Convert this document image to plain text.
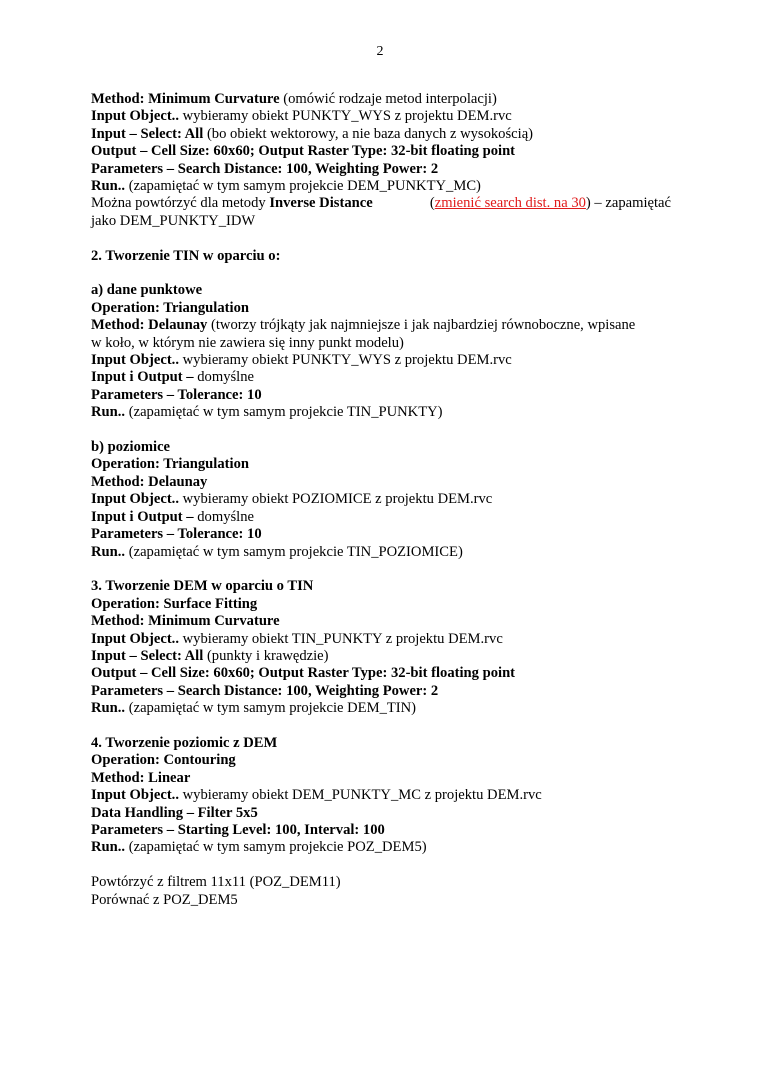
2
Method: Minimum Curvature (omówić rodzaje metod interpolacji)
Input Object.. wybieramy obiekt PUNKTY_WYS z projektu DEM.rvc
Input – Select: All (bo obiekt wektorowy, a nie baza danych z wysokością)
Output – Cell Size: 60x60; Output Raster Type: 32-bit floating point
Parameters – Search Distance: 100, Weighting Power: 2
Run.. (zapamiętać w tym samym projekcie DEM_PUNKTY_MC)
Można powtórzyć dla metody Inverse Distance	( zmienić search dist. na 30 ) – zapamiętać
jako DEM_PUNKTY_IDW
2. Tworzenie TIN w oparciu o:
a) dane punktowe
Operation: Triangulation
Method: Delaunay (tworzy trójkąty jak najmniejsze i jak najbardziej równoboczne, wpisane
w koło, w którym nie zawiera się inny punkt modelu)
Input Object.. wybieramy obiekt PUNKTY_WYS z projektu DEM.rvc
Input i Output – domyślne
Parameters – Tolerance: 10
Run.. (zapamiętać w tym samym projekcie TIN_PUNKTY)
b) poziomice
Operation: Triangulation
Method: Delaunay
Input Object.. wybieramy obiekt POZIOMICE z projektu DEM.rvc
Input i Output – domyślne
Parameters – Tolerance: 10
Run.. (zapamiętać w tym samym projekcie TIN_POZIOMICE)
3. Tworzenie DEM w oparciu o TIN
Operation: Surface Fitting
Method: Minimum Curvature
Input Object.. wybieramy obiekt TIN_PUNKTY z projektu DEM.rvc
Input – Select: All (punkty i krawędzie)
Output – Cell Size: 60x60; Output Raster Type: 32-bit floating point
Parameters – Search Distance: 100, Weighting Power: 2
Run.. (zapamiętać w tym samym projekcie DEM_TIN)
4. Tworzenie poziomic z DEM
Operation: Contouring
Method: Linear
Input Object.. wybieramy obiekt DEM_PUNKTY_MC z projektu DEM.rvc
Data Handling – Filter 5x5
Parameters – Starting Level: 100, Interval: 100
Run.. (zapamiętać w tym samym projekcie POZ_DEM5)
Powtórzyć z filtrem 11x11 (POZ_DEM11)
Porównać z POZ_DEM5
